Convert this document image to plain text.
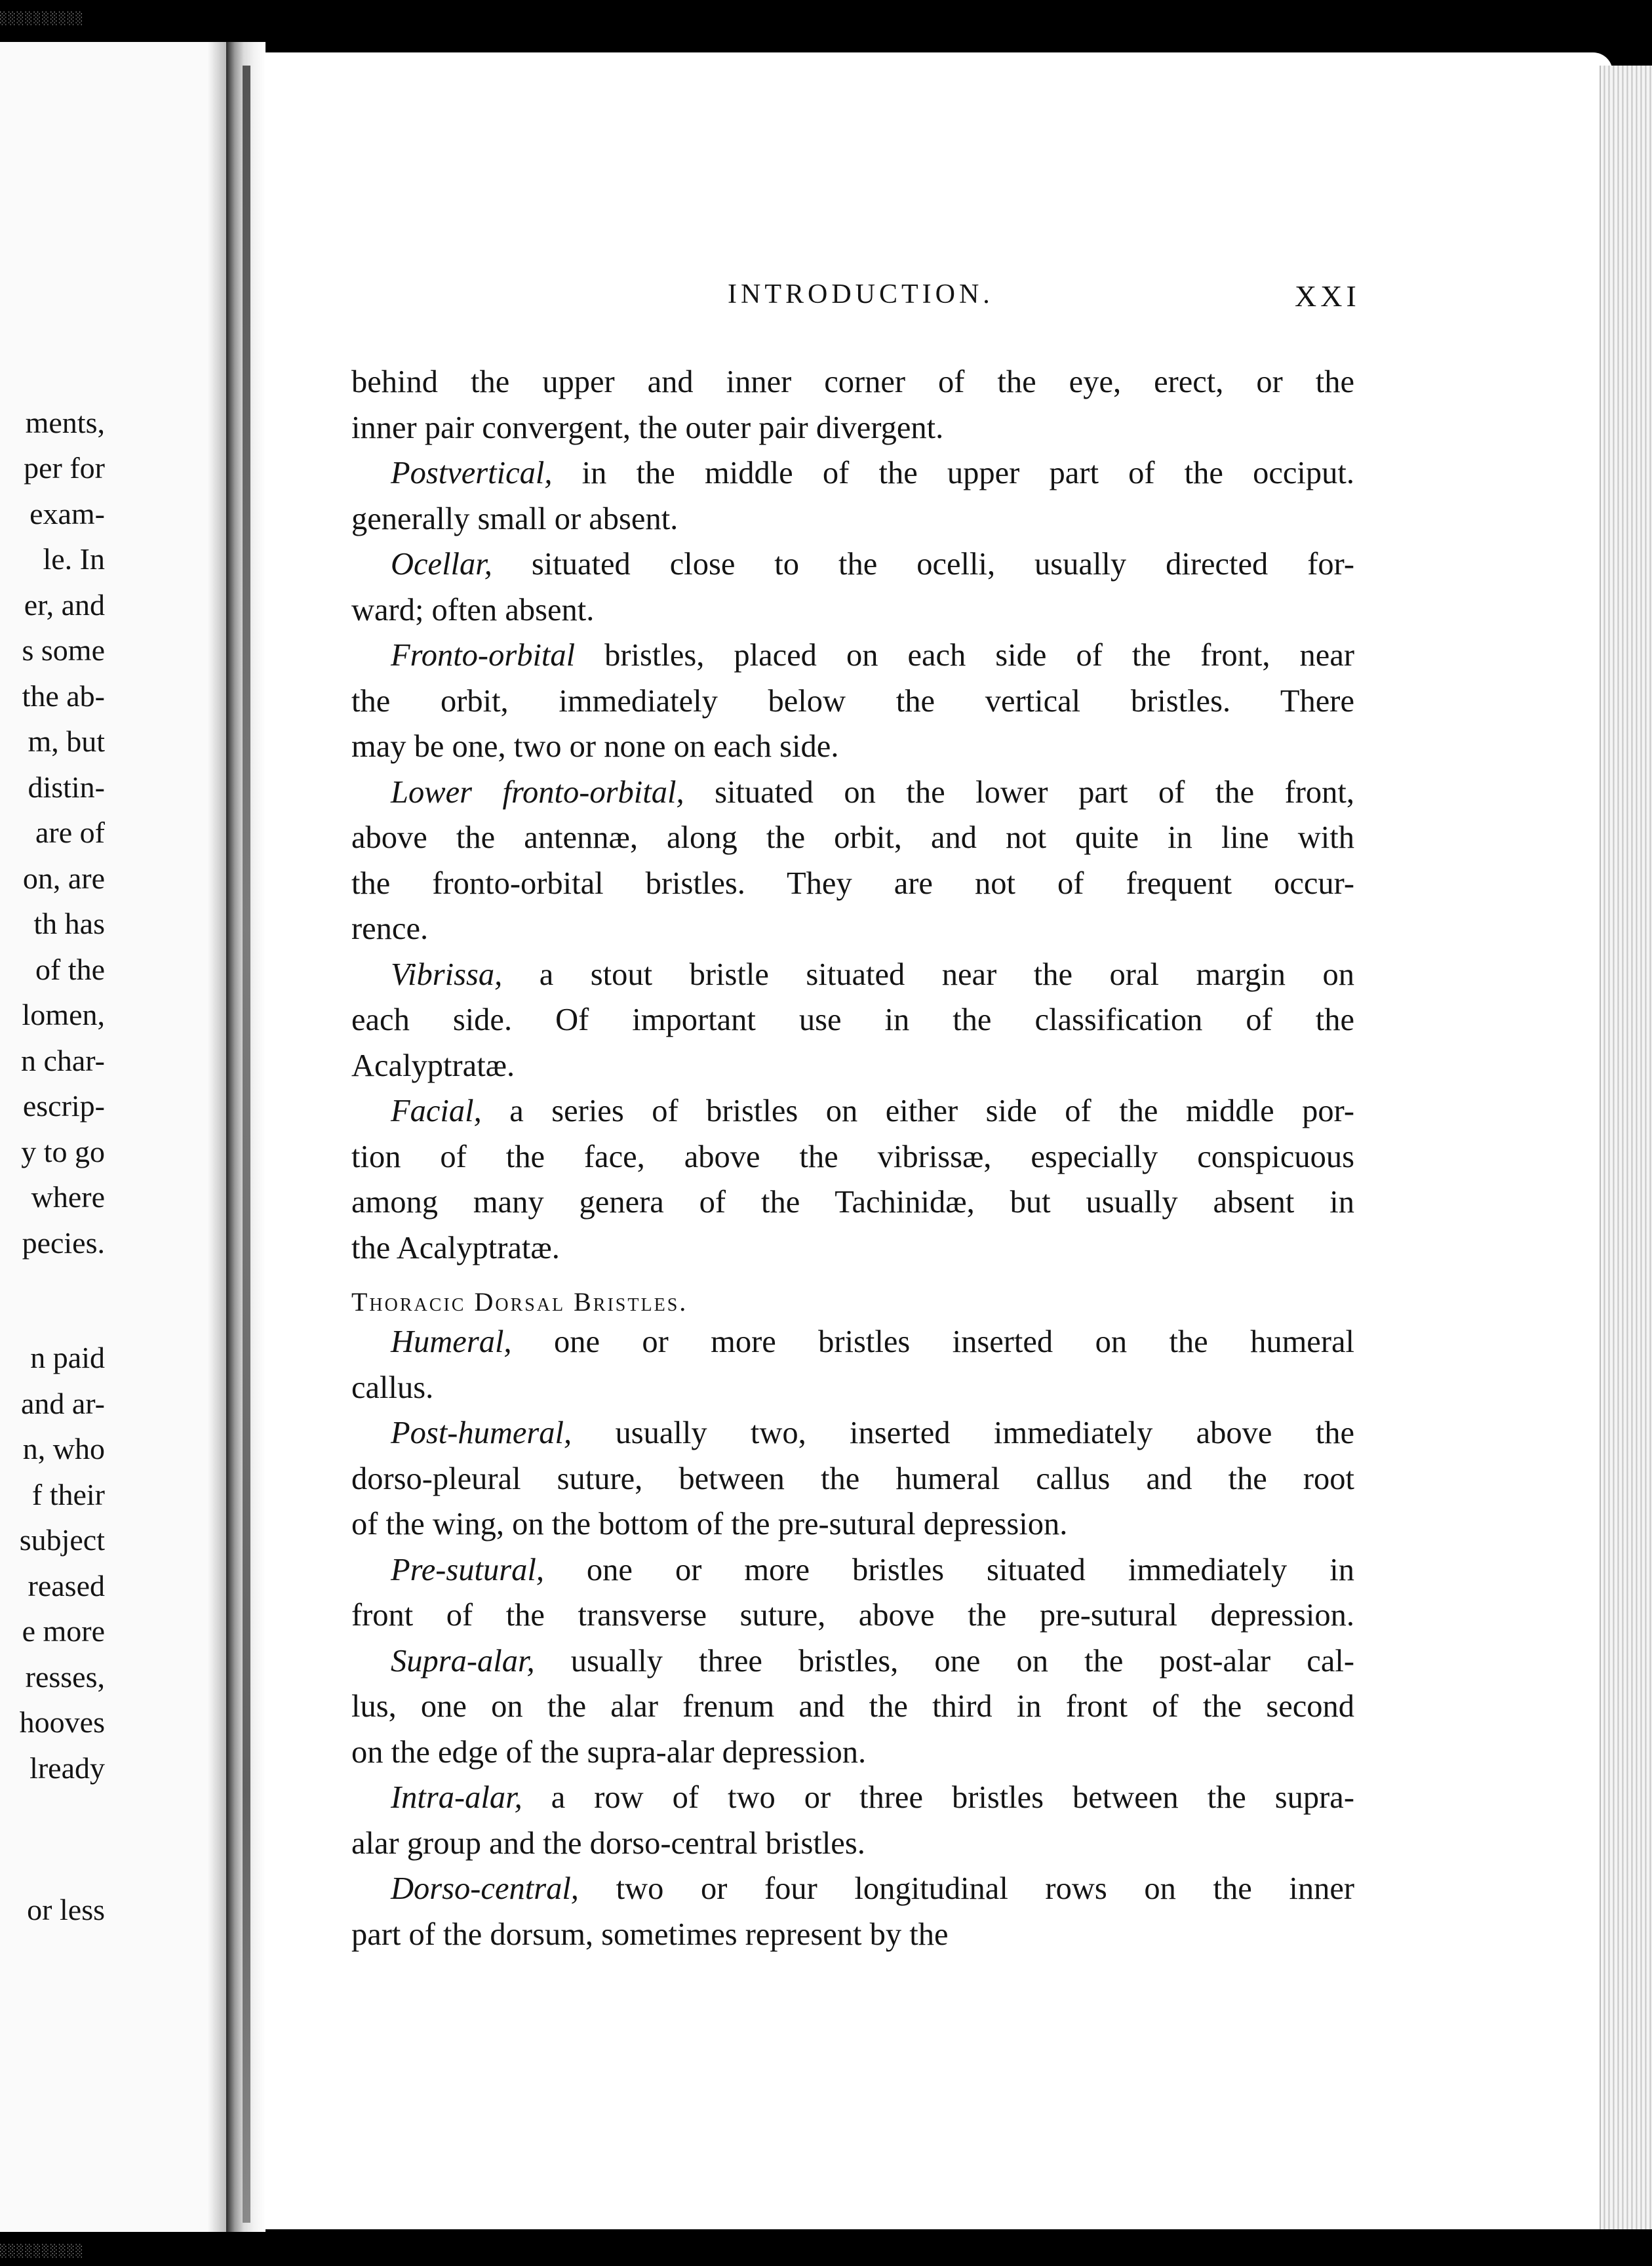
░░░░░░░░░░

ments,

per for

exam-

le. In

er, and

s some

the ab-

m, but

distin-

are of

on, are

th has

of the

lomen,

n char-

escrip-

y to go

where

pecies.

n paid

and ar-

n, who

f their

subject

reased

e more

resses,

hooves

lready

or less

INTRODUCTION.	XXI

behind the upper and inner corner of the eye, erect, or the
inner pair convergent, the outer pair divergent.
Postvertical, in the middle of the upper part of the occiput.
generally small or absent.
Ocellar, situated close to the ocelli, usually directed for-
ward; often absent.
Fronto-orbital bristles, placed on each side of the front, near
the orbit, immediately below the vertical bristles. There
may be one, two or none on each side.
Lower fronto-orbital, situated on the lower part of the front,
above the antennæ, along the orbit, and not quite in line with
the fronto-orbital bristles. They are not of frequent occur-
rence.
Vibrissa, a stout bristle situated near the oral margin on
each side. Of important use in the classification of the
Acalyptratæ.
Facial, a series of bristles on either side of the middle por-
tion of the face, above the vibrissæ, especially conspicuous
among many genera of the Tachinidæ, but usually absent in
the Acalyptratæ.
Thoracic Dorsal Bristles.
Humeral, one or more bristles inserted on the humeral
callus.
Post-humeral, usually two, inserted immediately above the
dorso-pleural suture, between the humeral callus and the root
of the wing, on the bottom of the pre-sutural depression.
Pre-sutural, one or more bristles situated immediately in
front of the transverse suture, above the pre-sutural depression.
Supra-alar, usually three bristles, one on the post-alar cal-
lus, one on the alar frenum and the third in front of the second
on the edge of the supra-alar depression.
Intra-alar, a row of two or three bristles between the supra-
alar group and the dorso-central bristles.
Dorso-central, two or four longitudinal rows on the inner
part of the dorsum, sometimes represent by the
░░░░░░░░░░
